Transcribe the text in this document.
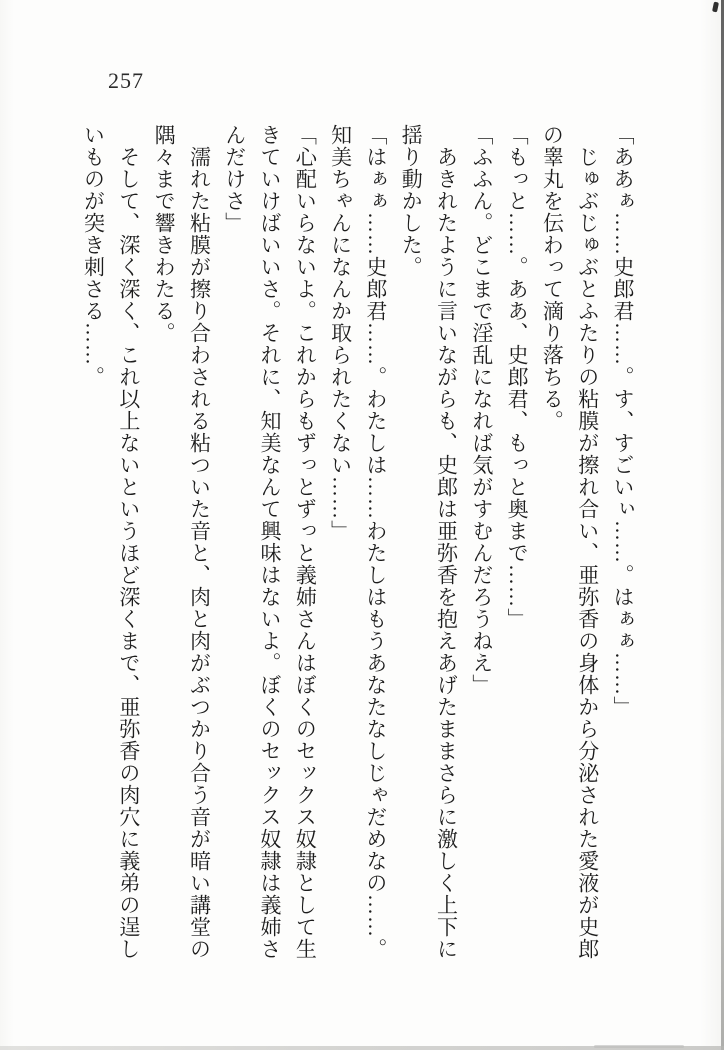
257

「ああぁ……史郎君……。す、すごいぃ……。はぁぁ……」

じゅぶじゅぶとふたりの粘膜が擦れ合い、亜弥香の身体から分泌された愛液が史郎

の睾丸を伝わって滴り落ちる。

「もっと……。ああ、史郎君、もっと奥まで……」

「ふふん。どこまで淫乱になれば気がすむんだろうねえ」

あきれたように言いながらも、史郎は亜弥香を抱えあげたままさらに激しく上下に

揺り動かした。

「はぁぁ……史郎君……。わたしは……わたしはもうあなたなしじゃだめなの……。

知美ちゃんになんか取られたくない……」

「心配いらないよ。これからもずっとずっと義姉さんはぼくのセックス奴隷として生

きていけばいいさ。それに、知美なんて興味はないよ。ぼくのセックス奴隷は義姉さ

んだけさ」

濡れた粘膜が擦り合わされる粘ついた音と、肉と肉がぶつかり合う音が暗い講堂の

隅々まで響きわたる。

そして、深く深く、これ以上ないというほど深くまで、亜弥香の肉穴に義弟の逞し

いものが突き刺さる……。
